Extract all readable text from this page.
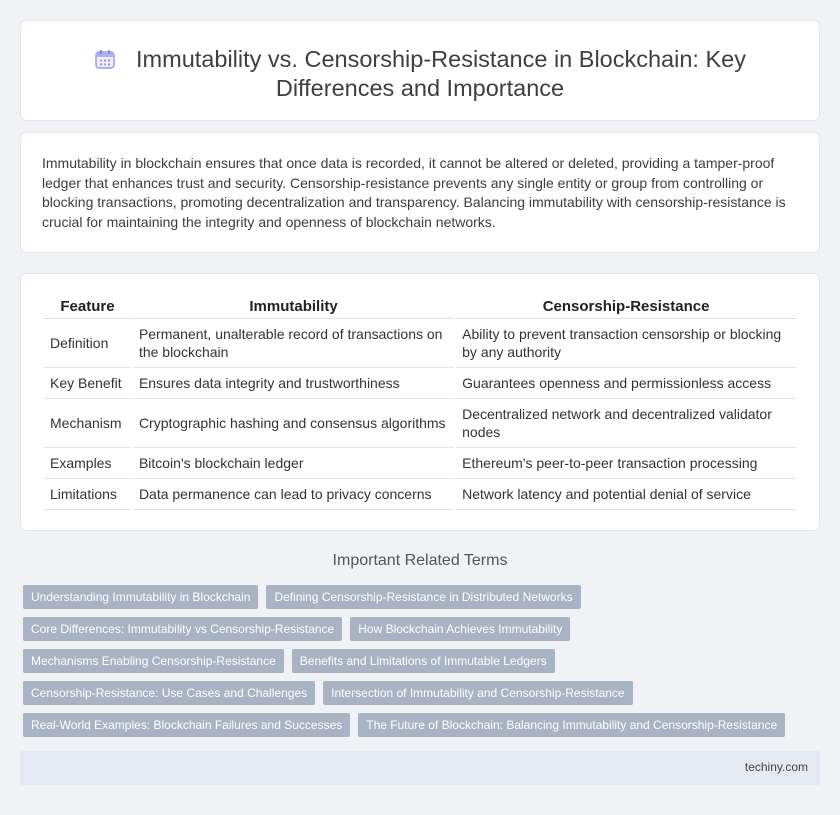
Immutability vs. Censorship-Resistance in Blockchain: Key Differences and Importance

Immutability in blockchain ensures that once data is recorded, it cannot be altered or deleted, providing a tamper-proof ledger that enhances trust and security. Censorship-resistance prevents any single entity or group from controlling or blocking transactions, promoting decentralization and transparency. Balancing immutability with censorship-resistance is crucial for maintaining the integrity and openness of blockchain networks.

Feature	Immutability	Censorship-Resistance
Definition	Permanent, unalterable record of transactions on the blockchain	Ability to prevent transaction censorship or blocking by any authority
Key Benefit	Ensures data integrity and trustworthiness	Guarantees openness and permissionless access
Mechanism	Cryptographic hashing and consensus algorithms	Decentralized network and decentralized validator nodes
Examples	Bitcoin's blockchain ledger	Ethereum's peer-to-peer transaction processing
Limitations	Data permanence can lead to privacy concerns	Network latency and potential denial of service
Important Related Terms
Understanding Immutability in Blockchain	Defining Censorship-Resistance in Distributed Networks
Core Differences: Immutability vs Censorship-Resistance	How Blockchain Achieves Immutability
Mechanisms Enabling Censorship-Resistance	Benefits and Limitations of Immutable Ledgers
Censorship-Resistance: Use Cases and Challenges	Intersection of Immutability and Censorship-Resistance
Real-World Examples: Blockchain Failures and Successes	The Future of Blockchain: Balancing Immutability and Censorship-Resistance
techiny.com
